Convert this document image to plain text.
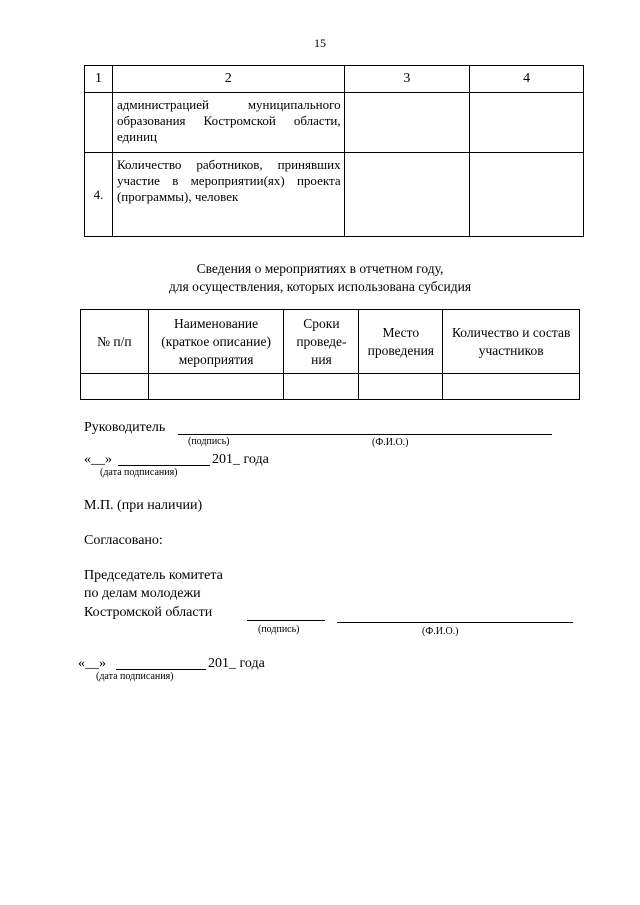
15
1	2	3	4
	администрацией муниципального образования Костромской области, единиц		
4.	Количество работников, принявших участие в мероприятии(ях) проекта (программы), человек		
Сведения о мероприятиях в отчетном году,
для осуществления, которых использована субсидия
№ п/п	Наименование (краткое описание) мероприятия	Сроки проведе-ния	Место проведения	Количество и состав участников

Руководитель
(подпись)	(Ф.И.О.)
«__»	201_ года
(дата подписания)
М.П. (при наличии)
Согласовано:
Председатель комитета
по делам молодежи
Костромской области
(подпись)	(Ф.И.О.)
«__»	201_ года
(дата подписания)
